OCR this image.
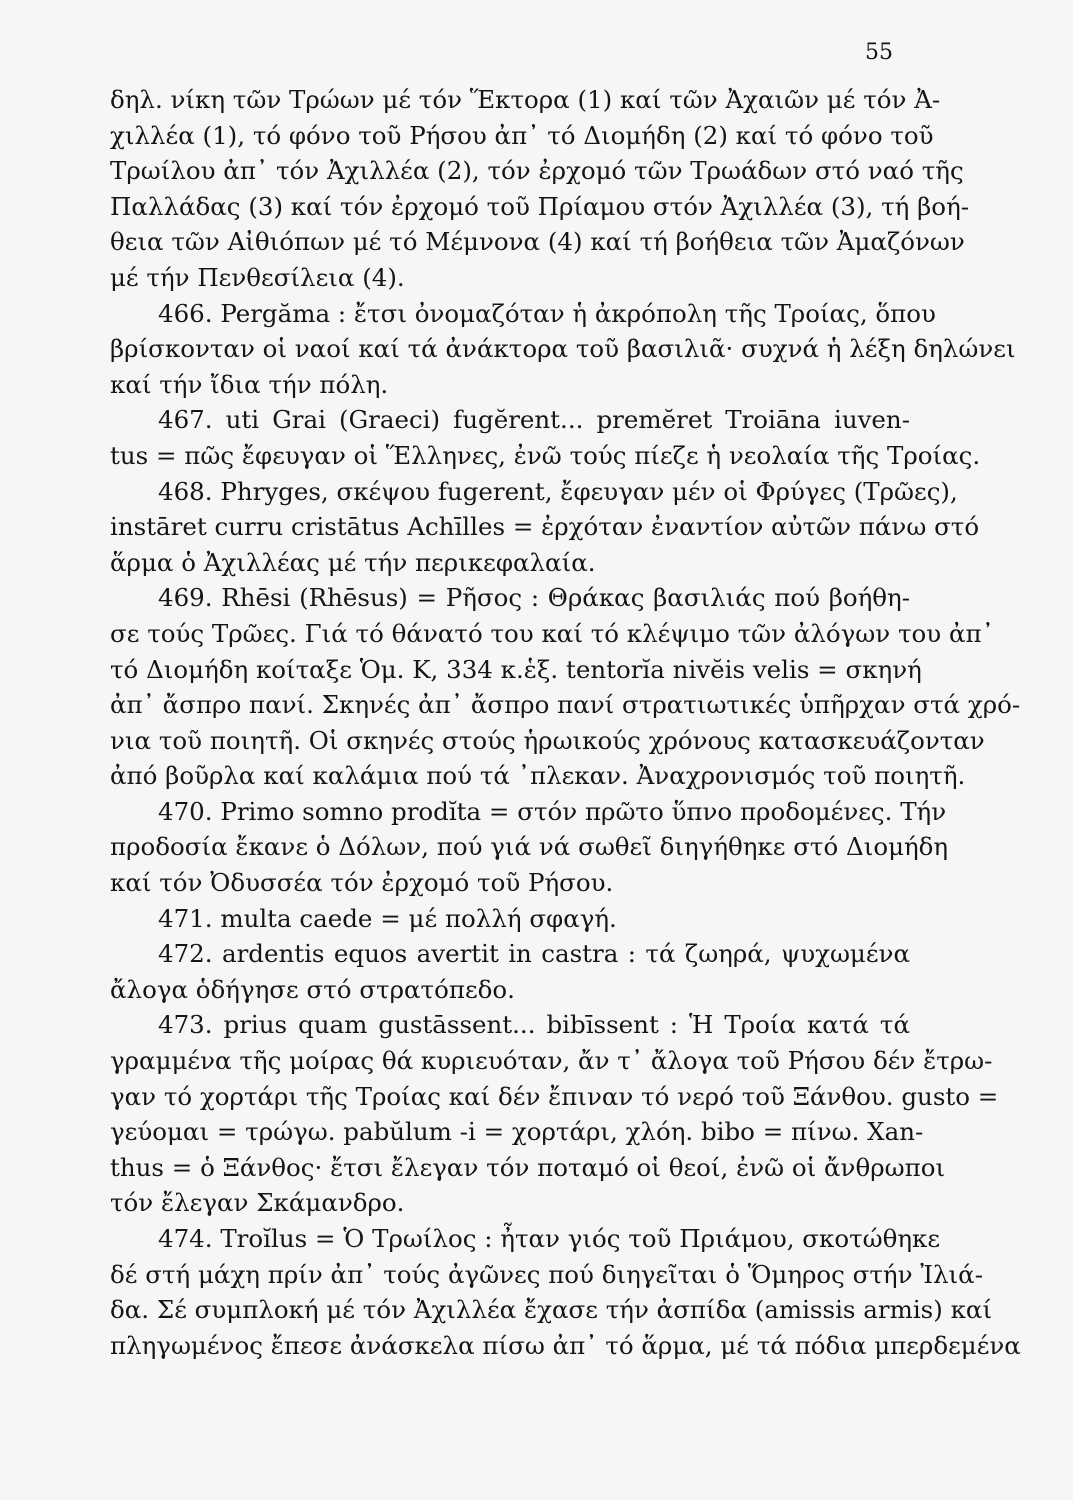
55
δηλ. νίκη τῶν Τρώων μέ τόν Ἕκτορα (1) καί τῶν Ἀχαιῶν μέ τόν Ἀ-
χιλλέα (1), τό φόνο τοῦ Ρήσου ἀπ᾽ τό Διομήδη (2) καί τό φόνο τοῦ
Τρωίλου ἀπ᾽ τόν Ἀχιλλέα (2), τόν ἐρχομό τῶν Τρωάδων στό ναό τῆς
Παλλάδας (3) καί τόν ἐρχομό τοῦ Πρίαμου στόν Ἀχιλλέα (3), τή βοή-
θεια τῶν Αἰθιόπων μέ τό Μέμνονα (4) καί τή βοήθεια τῶν Ἀμαζόνων
μέ τήν Πενθεσίλεια (4).
466. Pergăma : ἔτσι ὀνομαζόταν ἡ ἀκρόπολη τῆς Τροίας, ὅπου
βρίσκονταν οἱ ναοί καί τά ἀνάκτορα τοῦ βασιλιᾶ· συχνά ἡ λέξη δηλώνει
καί τήν ἴδια τήν πόλη.
467. uti Grai (Graeci) fugĕrent... premĕret Troiāna iuven-
tus = πῶς ἔφευγαν οἱ Ἕλληνες, ἐνῶ τούς πίεζε ἡ νεολαία τῆς Τροίας.
468. Phryges, σκέψου fugerent, ἔφευγαν μέν οἱ Φρύγες (Τρῶες),
instāret curru cristātus Achīlles = ἐρχόταν ἐναντίον αὐτῶν πάνω στό
ἅρμα ὁ Ἀχιλλέας μέ τήν περικεφαλαία.
469. Rhēsi (Rhēsus) = Ρῆσος : Θράκας βασιλιάς πού βοήθη-
σε τούς Τρῶες. Γιά τό θάνατό του καί τό κλέψιμο τῶν ἀλόγων του ἀπ᾽
τό Διομήδη κοίταξε Ὁμ. Κ, 334 κ.ἑξ. tentorĭa nivĕis velis = σκηνή
ἀπ᾽ ἄσπρο πανί. Σκηνές ἀπ᾽ ἄσπρο πανί στρατιωτικές ὑπῆρχαν στά χρό-
νια τοῦ ποιητῆ. Οἱ σκηνές στούς ἡρωικούς χρόνους κατασκευάζονταν
ἀπό βοῦρλα καί καλάμια πού τά ᾽πλεκαν. Ἀναχρονισμός τοῦ ποιητῆ.
470. Primo somno prodĭta = στόν πρῶτο ὕπνο προδομένες. Τήν
προδοσία ἔκανε ὁ Δόλων, πού γιά νά σωθεῖ διηγήθηκε στό Διομήδη
καί τόν Ὀδυσσέα τόν ἐρχομό τοῦ Ρήσου.
471. multa caede = μέ πολλή σφαγή.
472. ardentis equos avertit in castra : τά ζωηρά, ψυχωμένα
ἄλογα ὁδήγησε στό στρατόπεδο.
473. prius quam gustāssent... bibīssent : Ἡ Τροία κατά τά
γραμμένα τῆς μοίρας θά κυριευόταν, ἄν τ᾽ ἄλογα τοῦ Ρήσου δέν ἔτρω-
γαν τό χορτάρι τῆς Τροίας καί δέν ἔπιναν τό νερό τοῦ Ξάνθου. gusto =
γεύομαι = τρώγω. pabŭlum -i = χορτάρι, χλόη. bibo = πίνω. Xan-
thus = ὁ Ξάνθος· ἔτσι ἔλεγαν τόν ποταμό οἱ θεοί, ἐνῶ οἱ ἄνθρωποι
τόν ἔλεγαν Σκάμανδρο.
474. Troĭlus = Ὁ Τρωίλος : ἦταν γιός τοῦ Πριάμου, σκοτώθηκε
δέ στή μάχη πρίν ἀπ᾽ τούς ἀγῶνες πού διηγεῖται ὁ Ὅμηρος στήν Ἰλιά-
δα. Σέ συμπλοκή μέ τόν Ἀχιλλέα ἔχασε τήν ἀσπίδα (amissis armis) καί
πληγωμένος ἔπεσε ἀνάσκελα πίσω ἀπ᾽ τό ἅρμα, μέ τά πόδια μπερδεμένα
